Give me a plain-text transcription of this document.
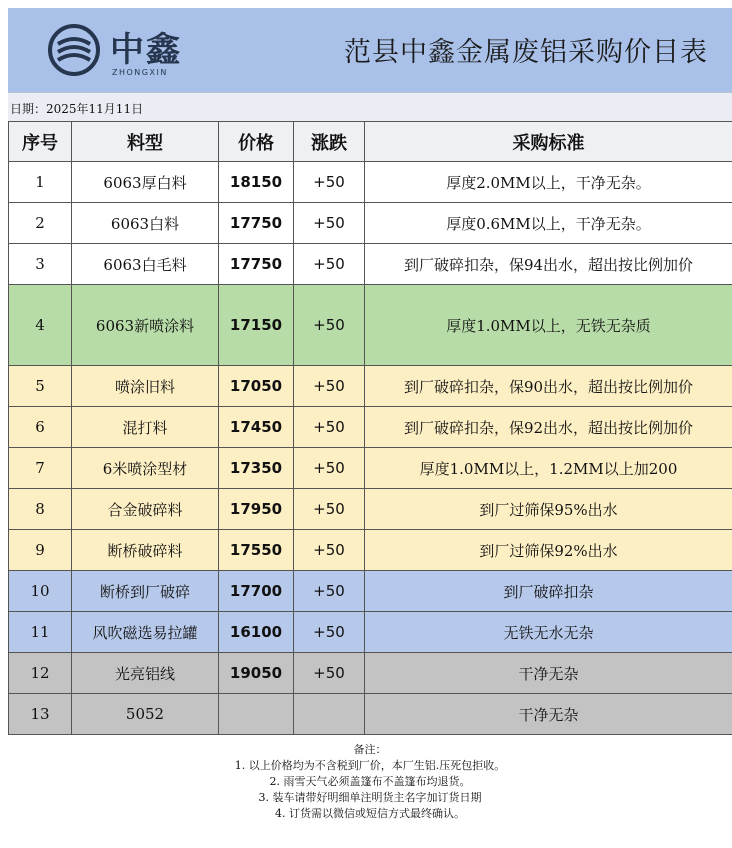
中鑫
ZHONGXIN
范县中鑫金属废铝采购价目表
日期：2025年11月11日
序号	料型	价格	涨跌	采购标准
1	6063厚白料	18150	+50	厚度2.0MM以上，干净无杂。
2	6063白料	17750	+50	厚度0.6MM以上，干净无杂。
3	6063白毛料	17750	+50	到厂破碎扣杂，保94出水，超出按比例加价
4	6063新喷涂料	17150	+50	厚度1.0MM以上，无铁无杂质
5	喷涂旧料	17050	+50	到厂破碎扣杂，保90出水，超出按比例加价
6	混打料	17450	+50	到厂破碎扣杂，保92出水，超出按比例加价
7	6米喷涂型材	17350	+50	厚度1.0MM以上，1.2MM以上加200
8	合金破碎料	17950	+50	到厂过筛保95%出水
9	断桥破碎料	17550	+50	到厂过筛保92%出水
10	断桥到厂破碎	17700	+50	到厂破碎扣杂
11	风吹磁选易拉罐	16100	+50	无铁无水无杂
12	光亮铝线	19050	+50	干净无杂
13	5052			干净无杂
备注：
1. 以上价格均为不含税到厂价，本厂生铝.压死包拒收。
2. 雨雪天气必须盖篷布不盖篷布均退货。
3. 装车请带好明细单注明货主名字加订货日期
4. 订货需以微信或短信方式最终确认。
